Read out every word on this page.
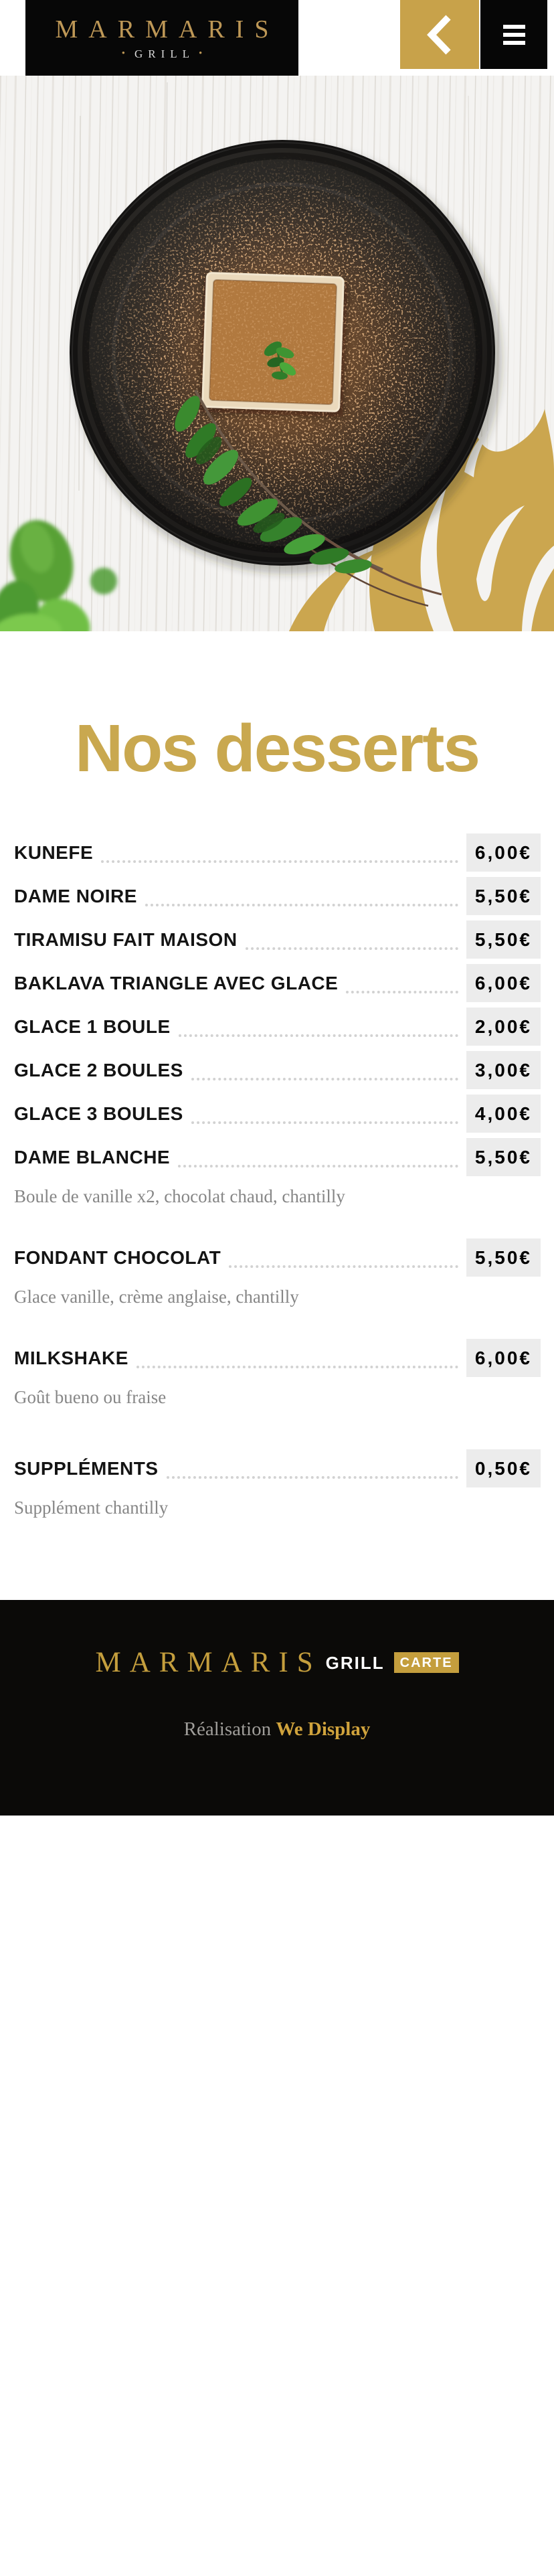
MARMARIS
• GRILL •
Nos desserts
KUNEFE	6,00€
DAME NOIRE	5,50€
TIRAMISU FAIT MAISON	5,50€
BAKLAVA TRIANGLE AVEC GLACE	6,00€
GLACE 1 BOULE	2,00€
GLACE 2 BOULES	3,00€
GLACE 3 BOULES	4,00€
DAME BLANCHE	5,50€

Boule de vanille x2, chocolat chaud, chantilly

FONDANT CHOCOLAT	5,50€

Glace vanille, crème anglaise, chantilly

MILKSHAKE	6,00€

Goût bueno ou fraise

SUPPLÉMENTS	0,50€

Supplément chantilly

MARMARIS GRILL	CARTE
Réalisation We Display
